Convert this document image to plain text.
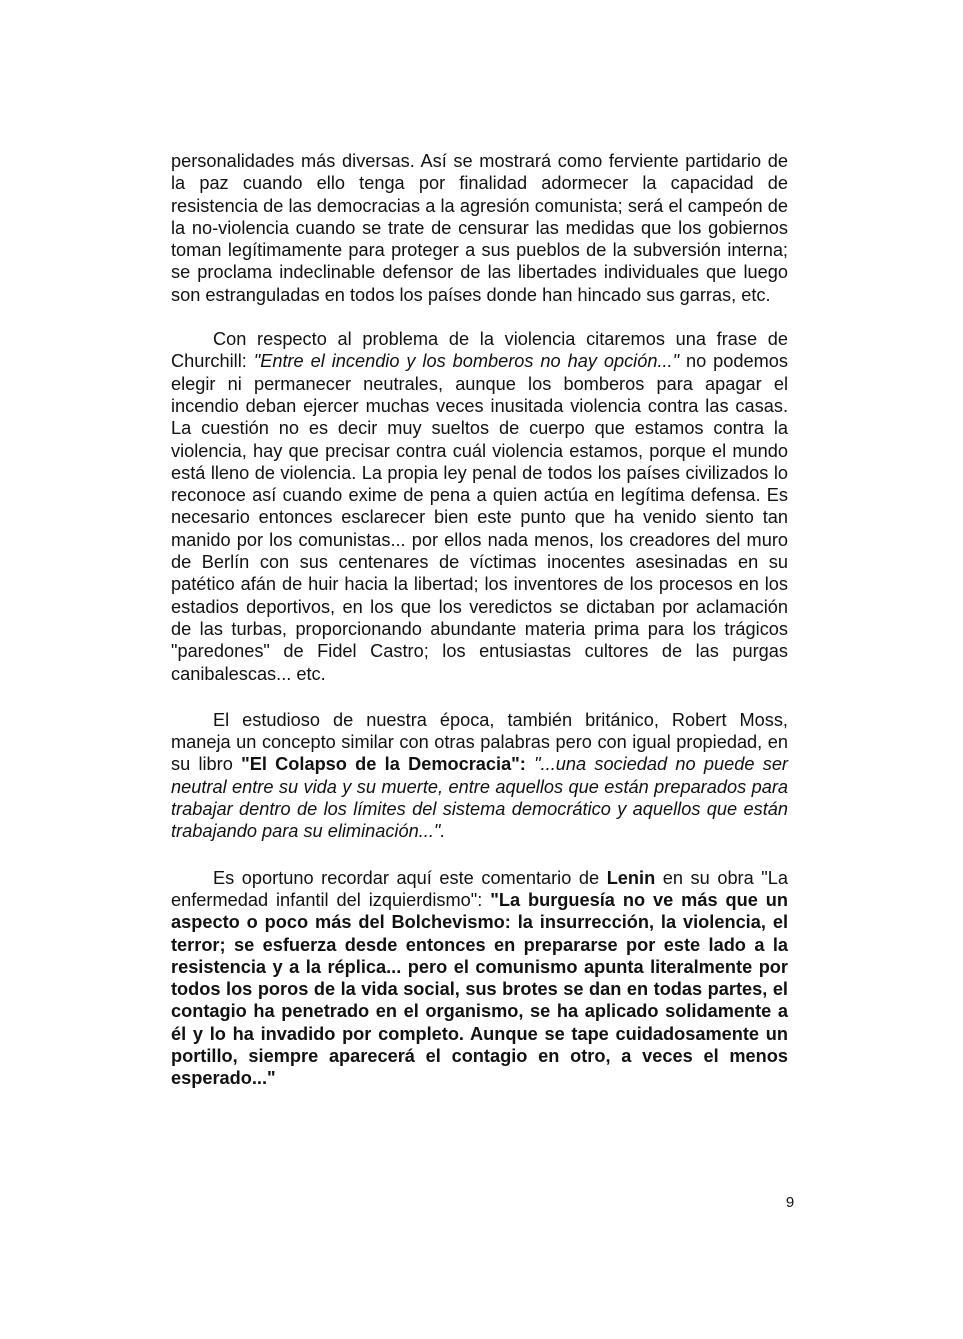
personalidades más diversas. Así se mostrará como ferviente partidario de la paz cuando ello tenga por finalidad adormecer la capacidad de resistencia de las democracias a la agresión comunista; será el campeón de la no-violencia cuando se trate de censurar las medidas que los gobiernos toman legítimamente para proteger a sus pueblos de la subversión interna; se proclama indeclinable defensor de las libertades individuales que luego son estranguladas en todos los países donde han hincado sus garras, etc.

Con respecto al problema de la violencia citaremos una frase de Churchill: "Entre el incendio y los bomberos no hay opción..." no podemos elegir ni permanecer neutrales, aunque los bomberos para apagar el incendio deban ejercer muchas veces inusitada violencia contra las casas. La cuestión no es decir muy sueltos de cuerpo que estamos contra la violencia, hay que precisar contra cuál violencia estamos, porque el mundo está lleno de violencia. La propia ley penal de todos los países civilizados lo reconoce así cuando exime de pena a quien actúa en legítima defensa. Es necesario entonces esclarecer bien este punto que ha venido siento tan manido por los comunistas... por ellos nada menos, los creadores del muro de Berlín con sus centenares de víctimas inocentes asesinadas en su patético afán de huir hacia la libertad; los inventores de los procesos en los estadios deportivos, en los que los veredictos se dictaban por aclamación de las turbas, proporcionando abundante materia prima para los trágicos "paredones" de Fidel Castro; los entusiastas cultores de las purgas canibalescas... etc.

El estudioso de nuestra época, también británico, Robert Moss, maneja un concepto similar con otras palabras pero con igual propiedad, en su libro "El Colapso de la Democracia": "...una sociedad no puede ser neutral entre su vida y su muerte, entre aquellos que están preparados para trabajar dentro de los límites del sistema democrático y aquellos que están trabajando para su eliminación...".

Es oportuno recordar aquí este comentario de Lenin en su obra "La enfermedad infantil del izquierdismo": "La burguesía no ve más que un aspecto o poco más del Bolchevismo: la insurrección, la violencia, el terror; se esfuerza desde entonces en prepararse por este lado a la resistencia y a la réplica... pero el comunismo apunta literalmente por todos los poros de la vida social, sus brotes se dan en todas partes, el contagio ha penetrado en el organismo, se ha aplicado solidamente a él y lo ha invadido por completo. Aunque se tape cuidadosamente un portillo, siempre aparecerá el contagio en otro, a veces el menos esperado..."

9
